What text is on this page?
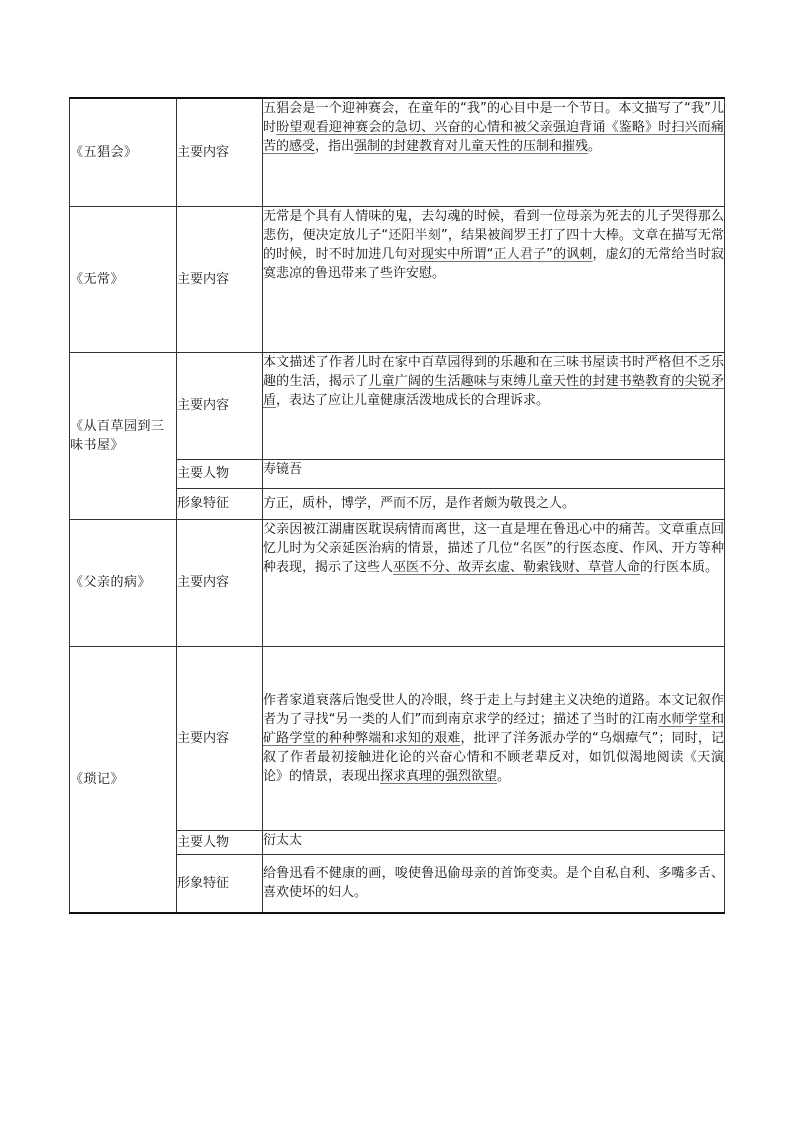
《五猖会》	主要内容	五猖会是一个迎神赛会，在童年的“我”的心目中是一个节日。本文描写了“我”儿时盼望观看迎神赛会的急切、兴奋的心情和被父亲强迫背诵《鉴略》时扫兴而痛苦的感受，指出强制的封建教育对儿童天性的压制和摧残。
《无常》	主要内容	无常是个具有人情味的鬼，去勾魂的时候，看到一位母亲为死去的儿子哭得那么悲伤，便决定放儿子“还阳半刻”，结果被阎罗王打了四十大棒。文章在描写无常的时候，时不时加进几句对现实中所谓“正人君子”的讽刺，虚幻的无常给当时寂寞悲凉的鲁迅带来了些许安慰。
《从百草园到三味书屋》	主要内容	本文描述了作者儿时在家中百草园得到的乐趣和在三味书屋读书时严格但不乏乐趣的生活，揭示了儿童广阔的生活趣味与束缚儿童天性的封建书塾教育的尖锐矛盾，表达了应让儿童健康活泼地成长的合理诉求。
	主要人物	寿镜吾
	形象特征	方正，质朴，博学，严而不厉，是作者颇为敬畏之人。
《父亲的病》	主要内容	父亲因被江湖庸医耽误病情而离世，这一直是埋在鲁迅心中的痛苦。文章重点回忆儿时为父亲延医治病的情景，描述了几位“名医”的行医态度、作风、开方等种种表现，揭示了这些人巫医不分、故弄玄虚、勒索钱财、草菅人命的行医本质。
《琐记》	主要内容	作者家道衰落后饱受世人的冷眼，终于走上与封建主义决绝的道路。本文记叙作者为了寻找“另一类的人们”而到南京求学的经过；描述了当时的江南水师学堂和矿路学堂的种种弊端和求知的艰难，批评了洋务派办学的“乌烟瘴气”；同时，记叙了作者最初接触进化论的兴奋心情和不顾老辈反对，如饥似渴地阅读《天演论》的情景，表现出探求真理的强烈欲望。
	主要人物	衍太太
	形象特征	给鲁迅看不健康的画，唆使鲁迅偷母亲的首饰变卖。是个自私自利、多嘴多舌、喜欢使坏的妇人。
